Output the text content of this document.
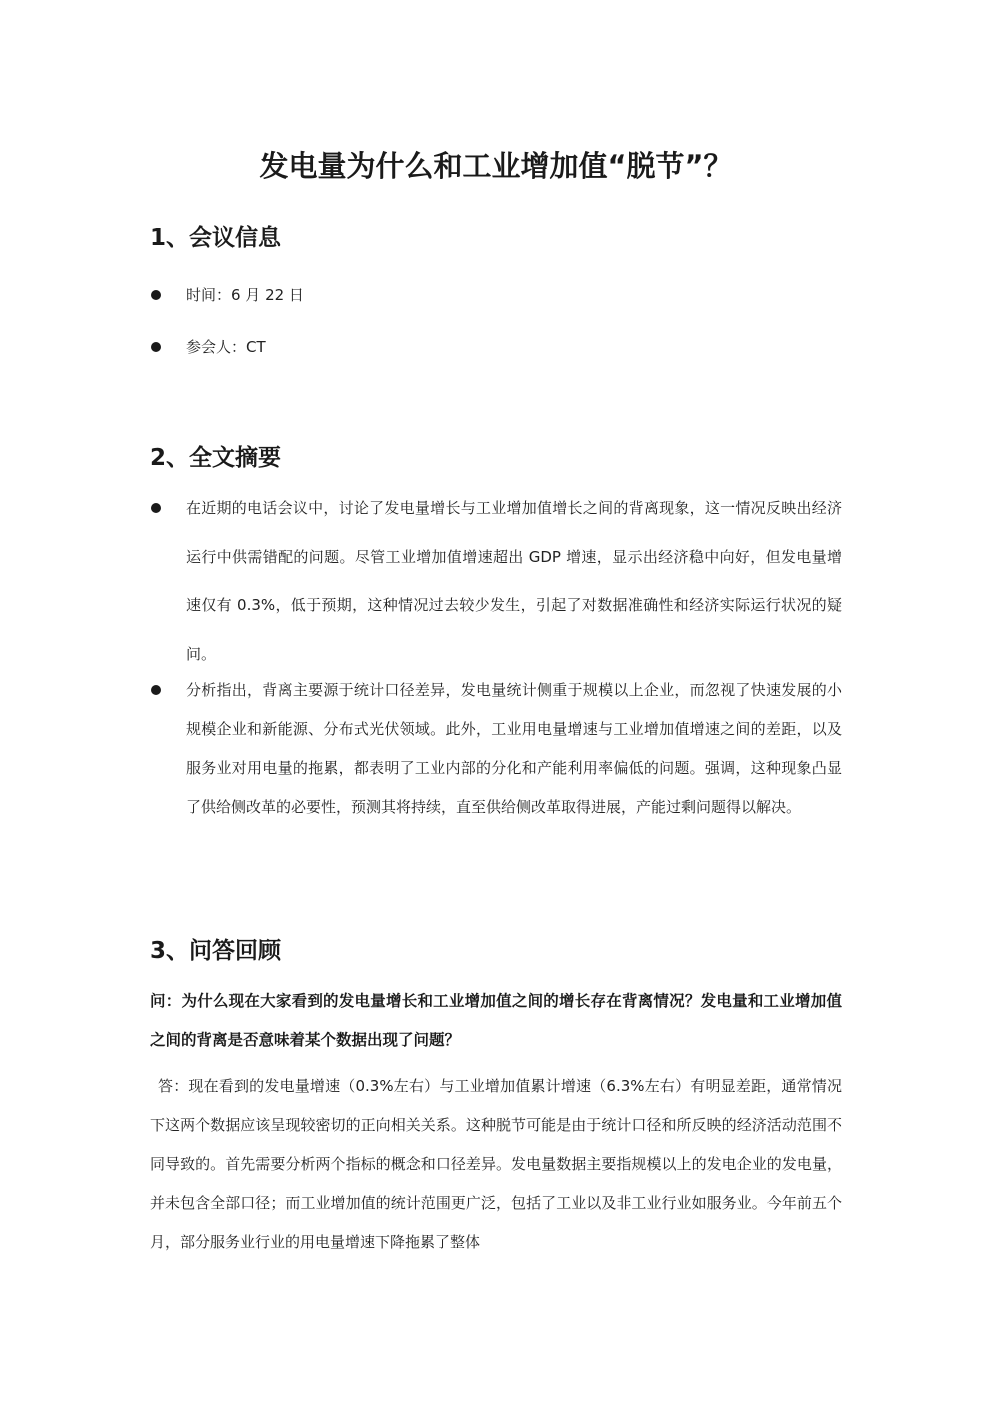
发电量为什么和工业增加值“脱节”？
1、会议信息
时间：6 月 22 日
参会人：CT
2、全文摘要
在近期的电话会议中，讨论了发电量增长与工业增加值增长之间的背离现象，这一情况反映出经济运行中供需错配的问题。尽管工业增加值增速超出 GDP 增速，显示出经济稳中向好，但发电量增速仅有 0.3%，低于预期，这种情况过去较少发生，引起了对数据准确性和经济实际运行状况的疑问。
分析指出，背离主要源于统计口径差异，发电量统计侧重于规模以上企业，而忽视了快速发展的小规模企业和新能源、分布式光伏领域。此外，工业用电量增速与工业增加值增速之间的差距，以及服务业对用电量的拖累，都表明了工业内部的分化和产能利用率偏低的问题。强调，这种现象凸显了供给侧改革的必要性，预测其将持续，直至供给侧改革取得进展，产能过剩问题得以解决。
3、问答回顾
问：为什么现在大家看到的发电量增长和工业增加值之间的增长存在背离情况？发电量和工业增加值之间的背离是否意味着某个数据出现了问题？
答：现在看到的发电量增速（0.3%左右）与工业增加值累计增速（6.3%左右）有明显差距，通常情况下这两个数据应该呈现较密切的正向相关关系。这种脱节可能是由于统计口径和所反映的经济活动范围不同导致的。首先需要分析两个指标的概念和口径差异。发电量数据主要指规模以上的发电企业的发电量，并未包含全部口径；而工业增加值的统计范围更广泛，包括了工业以及非工业行业如服务业。今年前五个月，部分服务业行业的用电量增速下降拖累了整体
